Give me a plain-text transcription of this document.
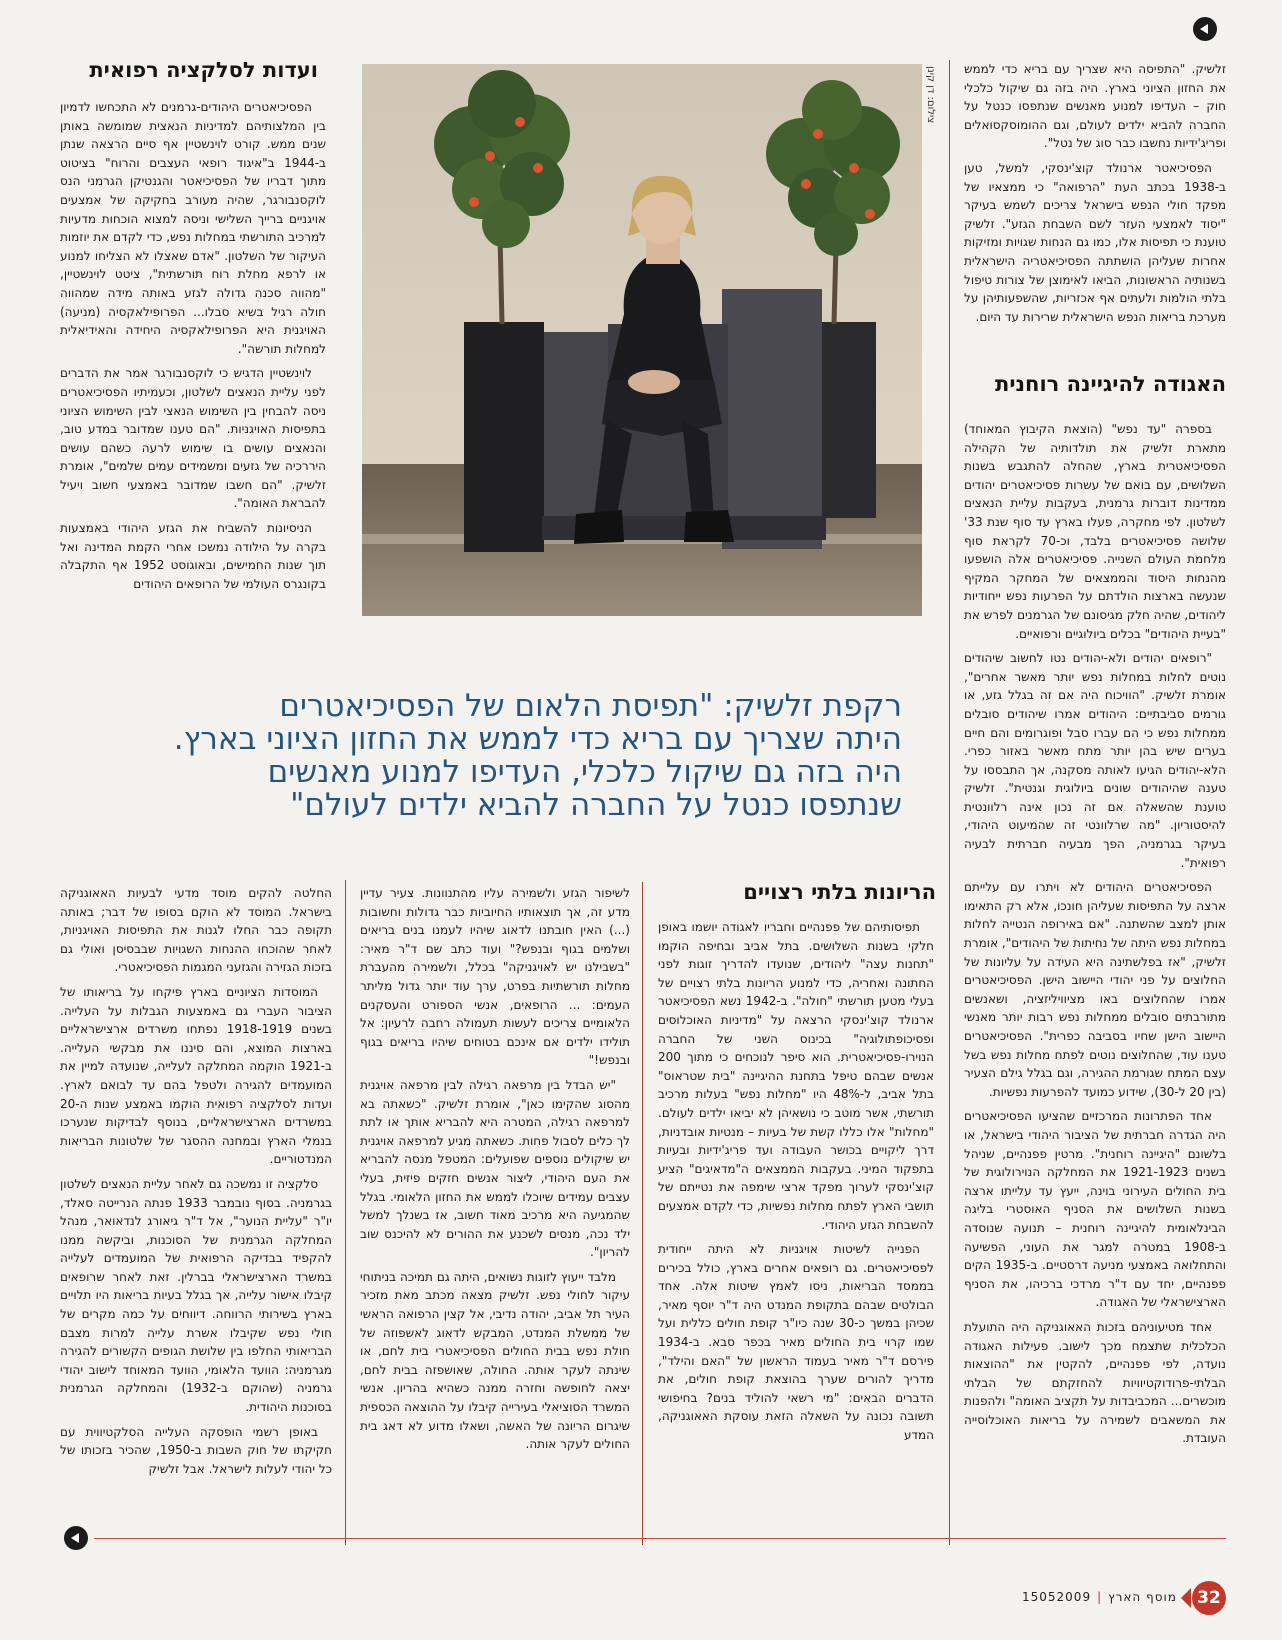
ועדות לסלקציה רפואית

הפסיכיאטרים היהודים-גרמנים לא התכחשו לדמיון בין המלצותיהם למדיניות הנאצית שמומשה באותן שנים ממש. קורט לוינשטיין אף סיים הרצאה שנתן ב-1944 ב"איגוד רופאי העצבים והרוח" בציטוט מתוך דבריו של הפסיכיאטר והגנטיקן הגרמני הנס לוקסנבורגר, שהיה מעורב בחקיקה של אמצעים אויגניים ברייך השלישי וניסה למצוא הוכחות מדעיות למרכיב התורשתי במחלות נפש, כדי לקדם את יוזמות העיקור של השלטון. "אדם שאצלו לא הצליחו למנוע או לרפא מחלת רוח תורשתית", ציטט לוינשטיין, "מהווה סכנה גדולה לגזע באותה מידה שמהווה חולה רגיל בשיא סבלו... הפרופילאקסיה (מניעה) האויגנית היא הפרופילאקסיה היחידה והאידיאלית למחלות תורשה".

לוינשטיין הדגיש כי לוקסנבורגר אמר את הדברים לפני עליית הנאצים לשלטון, וכעמיתיו הפסיכיאטרים ניסה להבחין בין השימוש הנאצי לבין השימוש הציוני בתפיסות האויגניות. "הם טענו שמדובר במדע טוב, והנאצים עושים בו שימוש לרעה כשהם עושים היררכיה של גזעים ומשמידים עמים שלמים", אומרת זלשיק. "הם חשבו שמדובר באמצעי חשוב ויעיל להבראת האומה".

הניסיונות להשביח את הגזע היהודי באמצעות בקרה על הילודה נמשכו אחרי הקמת המדינה ואל תוך שנות החמישים, ובאוגוסט 1952 אף התקבלה בקונגרס העולמי של הרופאים היהודים

צילום: דן קינן זלשיק. "התפיסה היא שצריך עם בריא כדי לממש את החזון הציוני בארץ. היה בזה גם שיקול כלכלי חוק – העדיפו למנוע מאנשים שנתפסו כנטל על החברה להביא ילדים לעולם, וגם ההומוסקסואלים ופריג'ידיות נחשבו כבר סוג של נטל".

הפסיכיאטר ארנולד קוצ'ינסקי, למשל, טען ב-1938 בכתב העת "הרפואה" כי ממצאיו של מפקד חולי הנפש בישראל צריכים לשמש בעיקר "יסוד לאמצעי העזר לשם השבחת הגזע". זלשיק טוענת כי תפיסות אלו, כמו גם הנחות שגויות ומזיקות אחרות שעליהן הושתתה הפסיכיאטריה הישראלית בשנותיה הראשונות, הביאו לאימוצן של צורות טיפול בלתי הולמות ולעתים אף אכזריות, שהשפעותיהן על מערכת בריאות הנפש הישראלית שרירות עד היום.

האגודה להיגיינה רוחנית

בספרה "עד נפש" (הוצאת הקיבוץ המאוחד) מתארת זלשיק את תולדותיה של הקהילה הפסיכיאטרית בארץ, שהחלה להתגבש בשנות השלושים, עם בואם של עשרות פסיכיאטרים יהודים ממדינות דוברות גרמנית, בעקבות עליית הנאצים לשלטון. לפי מחקרה, פעלו בארץ עד סוף שנת 33' שלושה פסיכיאטרים בלבד, וכ-70 לקראת סוף מלחמת העולם השנייה. פסיכיאטרים אלה הושפעו מהנחות היסוד והממצאים של המחקר המקיף שנעשה בארצות הולדתם על הפרעות נפש ייחודיות ליהודים, שהיה חלק מגיסונם של הגרמנים לפרש את "בעיית היהודים" בכלים ביולוגיים ורפואיים.

"רופאים יהודים ולא-יהודים נטו לחשוב שיהודים נוטים לחלות במחלות נפש יותר מאשר אחרים", אומרת זלשיק. "הוויכוח היה אם זה בגלל גזע, או גורמים סביבתיים: היהודים אמרו שיהודים סובלים ממחלות נפש כי הם עברו סבל ופוגרומים והם חיים בערים שיש בהן יותר מתח מאשר באזור כפרי. הלא-יהודים הגיעו לאותה מסקנה, אך התבססו על טענה שהיהודים שונים ביולוגית וגנטית". זלשיק טוענת שהשאלה אם זה נכון אינה רלוונטית להיסטוריון. "מה שרלוונטי זה שהמיעוט היהודי, בעיקר בגרמניה, הפך מבעיה חברתית לבעיה רפואית".

הפסיכיאטרים היהודים לא ויתרו עם עלייתם ארצה על התפיסות שעליהן חונכו, אלא רק התאימו אותן למצב שהשתנה. "אם באירופה הנטייה לחלות במחלות נפש היתה של נחיתות של היהודים", אומרת זלשיק, "אז בפלשתינה היא העידה על עליונות של החלוצים על פני יהודי היישוב הישן. הפסיכיאטרים אמרו שהחלוצים באו מציוויליזציה, ושאנשים מתורבתים סובלים ממחלות נפש רבות יותר מאנשי היישוב הישן שחיו בסביבה כפרית". הפסיכיאטרים טענו עוד, שהחלוצים נוטים לפתח מחלות נפש בשל עצם המתח שגורמת ההגירה, וגם בגלל גילם הצעיר (בין 20 ל-30), שידוע כמועד להפרעות נפשיות.

אחד הפתרונות המרכזיים שהציעו הפסיכיאטרים היה הגדרה חברתית של הציבור היהודי בישראל, או בלשונם "היגיינה רוחנית". מרטין פפנהיים, שניהל בשנים 1921-1923 את המחלקה הנוירולוגית של בית החולים העירוני בוינה, ייעץ עד עלייתו ארצה בשנות השלושים את הסניף האוסטרי בליגה הבינלאומית להיגיינה רוחנית – תנועה שנוסדה ב-1908 במטרה למגר את העוני, הפשיעה והתחלואה באמצעי מניעה דרסטיים. ב-1935 הקים פפנהיים, יחד עם ד"ר מרדכי ברכיהו, את הסניף הארצישראלי של האגודה.

אחד מטיעוניהם בזכות האאוגניקה היה התועלת הכלכלית שתצמח מכך לישוב. פעילות האגודה נועדה, לפי פפנהיים, להקטין את "ההוצאות הבלתי-פרודוקטיוויות להחזקתם של הבלתי מוכשרים... המכביבדות על תקציב האומה" ולהפנות את המשאבים לשמירה על בריאות האוכלוסייה העובדת.

רקפת זלשיק: "תפיסת הלאום של הפסיכיאטרים
היתה שצריך עם בריא כדי לממש את החזון הציוני בארץ.
היה בזה גם שיקול כלכלי, העדיפו למנוע מאנשים
שנתפסו כנטל על החברה להביא ילדים לעולם"
הריונות בלתי רצויים

תפיסותיהם של פפנהיים וחבריו לאגודה יושמו באופן חלקי בשנות השלושים. בתל אביב ובחיפה הוקמו "תחנות עצה" ליהודים, שנועדו להדריך זוגות לפני החתונה ואחריה, כדי למנוע הריונות בלתי רצויים של בעלי מטען תורשתי "חולה". ב-1942 נשא הפסיכיאטר ארנולד קוצ'ינסקי הרצאה על "מדיניות האוכלוסים ופסיכופתולוגיה" בכינוס השני של החברה הנוירו-פסיכיאטרית. הוא סיפר לנוכחים כי מתוך 200 אנשים שבהם טיפל בתחנת ההיגיינה "בית שטראוס" בתל אביב, ל-48% היו "מחלות נפש" בעלות מרכיב תורשתי, אשר מוטב כי נושאיהן לא יביאו ילדים לעולם. "מחלות" אלו כללו קשת של בעיות – מנטיות אובדניות, דרך ליקויים בכושר העבודה ועד פריג'ידיות ובעיות בתפקוד המיני. בעקבות הממצאים ה"מדאיגים" הציע קוצ'ינסקי לערוך מפקד ארצי שימפה את נטייתם של תושבי הארץ לפתח מחלות נפשיות, כדי לקדם אמצעים להשבחת הגזע היהודי.

הפנייה לשיטות אויגניות לא היתה ייחודית לפסיכיאטרים. גם רופאים אחרים בארץ, כולל בכירים בממסד הבריאות, ניסו לאמץ שיטות אלה. אחד הבולטים שבהם בתקופת המנדט היה ד"ר יוסף מאיר, שכיהן במשך כ-30 שנה כיו"ר קופת חולים כללית ועל שמו קרוי בית החולים מאיר בכפר סבא. ב-1934 פירסם ד"ר מאיר בעמוד הראשון של "האם והילד", מדריך להורים שערך בהוצאת קופת חולים, את הדברים הבאים: "מי רשאי להוליד בנים? בחיפושי תשובה נכונה על השאלה הזאת עוסקת האאוגניקה, המדע

לשיפור הגזע ולשמירה עליו מהתנוונות. צעיר עדיין מדע זה, אך תוצאותיו החיוביות כבר גדולות וחשובות (...) האין חובתנו לדאוג שיהיו לעמנו בנים בריאים ושלמים בגוף ובנפש?" ועוד כתב שם ד"ר מאיר: "בשבילנו יש לאויגניקה" בכלל, ולשמירה מהעברת מחלות תורשתיות בפרט, ערך עוד יותר גדול מליתר העמים: ... הרופאים, אנשי הספורט והעסקנים הלאומיים צריכים לעשות תעמולה רחבה לרעיון: אל תולידו ילדים אם אינכם בטוחים שיהיו בריאים בגוף ובנפש!"

"יש הבדל בין מרפאה רגילה לבין מרפאה אויגנית מהסוג שהקימו כאן", אומרת זלשיק. "כשאתה בא למרפאה רגילה, המטרה היא להבריא אותך או לתת לך כלים לסבול פחות. כשאתה מגיע למרפאה אויגנית יש שיקולים נוספים שפועלים: המטפל מנסה להבריא את העם היהודי, ליצור אנשים חזקים פיזית, בעלי עצבים עמידים שיוכלו לממש את החזון הלאומי. בגלל שהמגיעה היא מרכיב מאוד חשוב, אז בשנלך למשל ילד נכה, מנסים לשכנע את ההורים לא להיכנס שוב להריון".

מלבד ייעוץ לזוגות נשואים, היתה גם תמיכה בניתוחי עיקור לחולי נפש. זלשיק מצאה מכתב מאת מזכיר העיר תל אביב, יהודה נדיבי, אל קצין הרפואה הראשי של ממשלת המנדט, המבקש לדאוג לאשפוזה של חולת נפש בבית החולים הפסיכיאטרי בית לחם, או שינתה לעקר אותה. החולה, שאושפזה בבית לחם, יצאה לחופשה וחזרה ממנה כשהיא בהריון. אנשי המשרד הסוציאלי בעירייה קיבלו על ההוצאה הכספית שיגרום הריונה של האשה, ושאלו מדוע לא דאג בית החולים לעקר אותה.

החלטה להקים מוסד מדעי לבעיות האאוגניקה בישראל. המוסד לא הוקם בסופו של דבר; באותה תקופה כבר החלו לגנות את התפיסות האויגניות, לאחר שהוכחו ההנחות השגויות שבבסיסן ואולי גם בזכות הגזירה והגזעני המגמות הפסיכיאטרי.

המוסדות הציוניים בארץ פיקחו על בריאותו של הציבור העברי גם באמצעות הגבלות על העלייה. בשנים 1918-1919 נפתחו משרדים ארצישראליים בארצות המוצא, והם סיננו את מבקשי העלייה. ב-1921 הוקמה המחלקה לעלייה, שנועדה למיין את המועמדים להגירה ולטפל בהם עד לבואם לארץ. ועדות לסלקציה רפואית הוקמו באמצע שנות ה-20 במשרדים הארצישראליים, בנוסף לבדיקות שנערכו בנמלי הארץ ובמחנה ההסגר של שלטונות הבריאות המנדטוריים.

סלקציה זו נמשכה גם לאחר עליית הנאצים לשלטון בגרמניה. בסוף נובמבר 1933 פנתה הנרייטה סאלד, יו"ר "עליית הנוער", אל ד"ר גיאורג לנדאואר, מנהל המחלקה הגרמנית של הסוכנות, וביקשה ממנו להקפיד בבדיקה הרפואית של המועמדים לעלייה במשרד הארצישראלי בברלין. זאת לאחר שרופאים קיבלו אישור עלייה, אך בגלל בעיות בריאות היו תלויים בארץ בשירותי הרווחה. דיווחים על כמה מקרים של חולי נפש שקיבלו אשרת עלייה למרות מצבם הבריאותי החלפו בין שלושת הגופים הקשורים להגירה מגרמניה: הוועד הלאומי, הוועד המאוחד לישוב יהודי גרמניה (שהוקם ב-1932) והמחלקה הגרמנית בסוכנות היהודית.

באופן רשמי הופסקה העלייה הסלקטיווית עם חקיקתו של חוק השבות ב-1950, שהכיר בזכותו של כל יהודי לעלות לישראל. אבל זלשיק

מוסף הארץ|15052009	32
